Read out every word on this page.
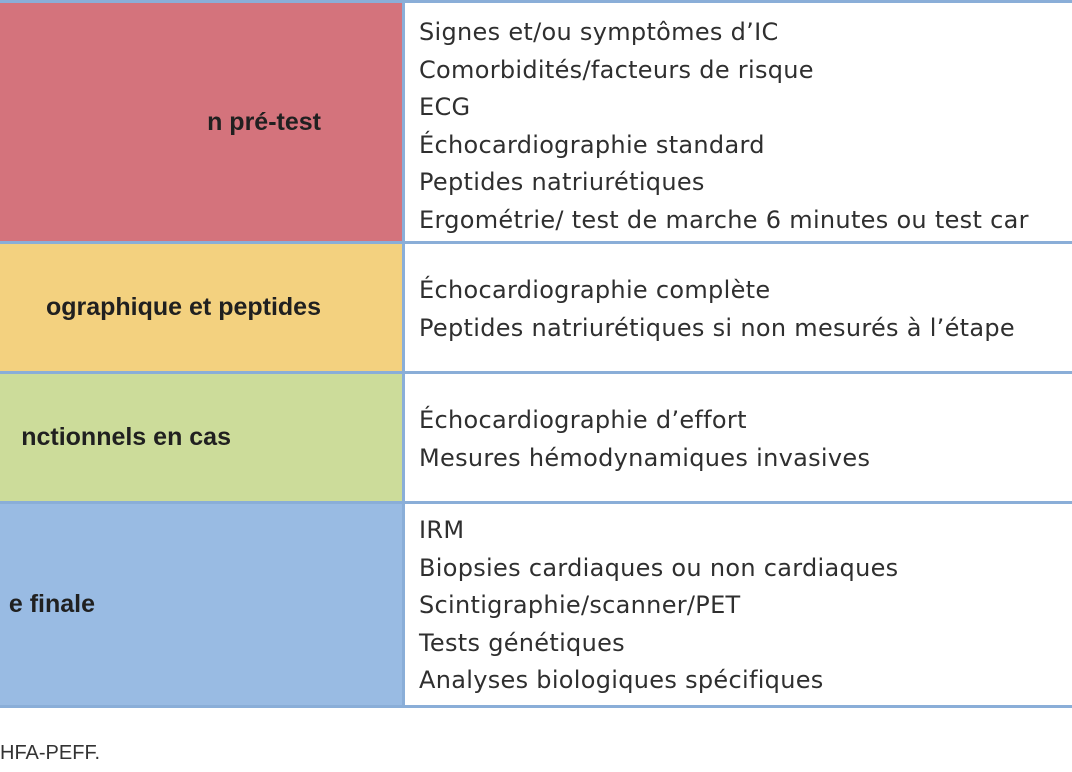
n pré-test
Signes et/ou symptômes d’IC
Comorbidités/facteurs de risque
ECG
Échocardiographie standard
Peptides natriurétiques
Ergométrie/ test de marche 6 minutes ou test car
ographique et peptides
Échocardiographie complète
Peptides natriurétiques si non mesurés à l’étape
nctionnels en cas
Échocardiographie d’effort
Mesures hémodynamiques invasives
e finale
IRM
Biopsies cardiaques ou non cardiaques
Scintigraphie/scanner/PET
Tests génétiques
Analyses biologiques spécifiques
HFA-PEFF.
